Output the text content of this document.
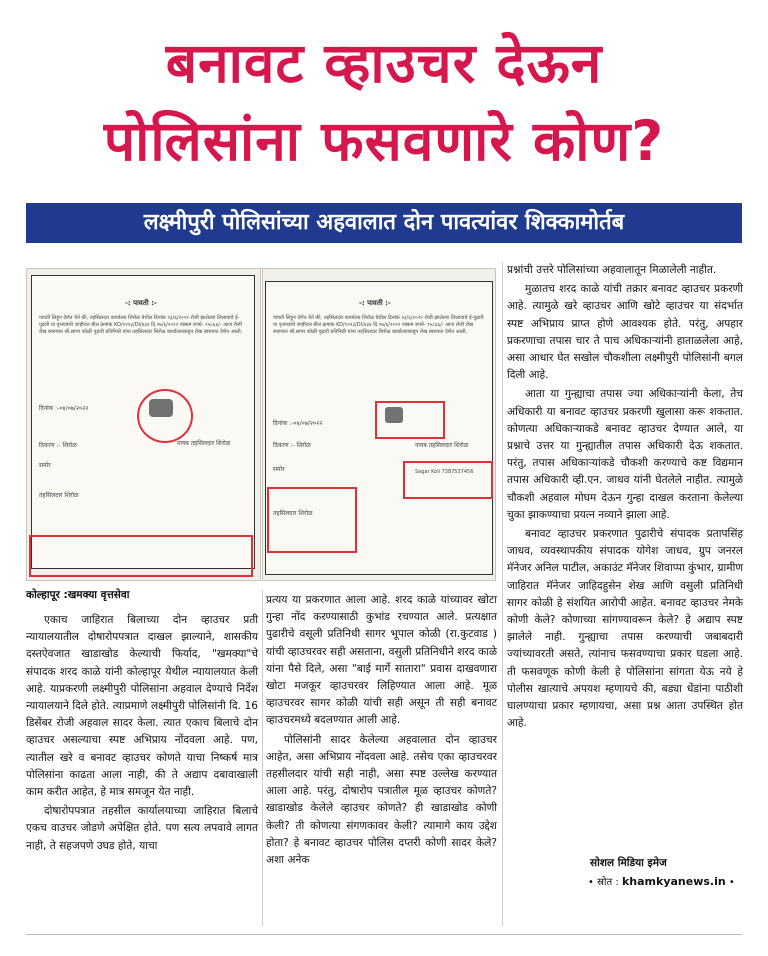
बनावट व्हाउचर देऊन
पोलिसांना फसवणारे कोण?
लक्ष्मीपुरी पोलिसांच्या अहवालात दोन पावत्यांवर शिक्कामोर्तब
-: पावती :-
पावती लिहून देणेत येते की, तहसिलदार कार्यालय शिरोळ येथील दिनांक २३/६/२०२२ रोजी झालेल्या लिलावाचे ई-पुढारी या वृत्तपत्राचे जाहीरात बील क्रमांक KO/२२२३/DI/४३४ दि.२७/६/२०२२ रक्कम रुपये- १५८६६/- आज रोजी रोख स्वरुपात श्री.सागर कोळी पुढारी प्रतिनिधी यांना तहसिलदार शिरोळ कार्यालयाकडून रोख स्वरुपात देणेत आली.
दिनांक :-०४/०७/२०२२
ठिकाण :- शिरोळ
समोर
तहसिलदार शिरोळ
नायब तहसिलदार शिरोळ
-: पावती :-
पावती लिहून देणेत येते की, तहसिलदार कार्यालय शिरोळ येथील दिनांक २३/६/२०२२ रोजी झालेल्या लिलावाचे ई-पुढारी या वृत्तपत्राचे जाहीरात बील क्रमांक KO/२२२३/DI/४३४ दि.२७/६/२०२२ रक्कम रुपये- १५८६६/- आज रोजी रोख स्वरुपात श्री.सागर कोळी पुढारी प्रतिनिधी यांना तहसिलदार शिरोळ कार्यालयाकडून रोख स्वरुपात देणेत आली.
दिनांक :-०४/०७/२०२२
ठिकाण :- शिरोळ
समोर
तहसिलदार शिरोळ
नायब तहसिलदार शिरोळ
Sagar Koli 7387537456
कोल्हापूर :खमक्या वृत्तसेवा

एकाच जाहिरात बिलाच्या दोन व्हाउचर प्रती न्यायालयातील दोषारोपपत्रात दाखल झाल्याने, शासकीय दस्तऐवजात खाडाखोड केल्याची फिर्याद, "खमक्या"चे संपादक शरद काळे यांनी कोल्हापूर येथील न्यायालयात केली आहे. याप्रकरणी लक्ष्मीपुरी पोलिसांना अहवाल देण्याचे निर्देश न्यायालयाने दिले होते. त्याप्रमाणे लक्ष्मीपुरी पोलिसांनी दि. 16 डिसेंबर रोजी अहवाल सादर केला. त्यात एकाच बिलाचे दोन व्हाउचर असल्याचा स्पष्ट अभिप्राय नोंदवला आहे. पण, त्यातील खरे व बनावट व्हाउचर कोणते याचा निष्कर्ष मात्र पोलिसांना काढता आला नाही, की ते अद्याप दबावाखाली काम करीत आहेत, हे मात्र समजून येत नाही.

दोषारोपपत्रात तहसील कार्यालयाच्या जाहिरात बिलाचे एकच वाउचर जोडणे अपेक्षित होते. पण सत्य लपवावे लागत नाही, ते सहजपणे उघड होते, याचा

प्रत्यय या प्रकरणात आला आहे. शरद काळे यांच्यावर खोटा गुन्हा नोंद करण्यासाठी कुभांड रचण्यात आले. प्रत्यक्षात पुढारीचे वसूली प्रतिनिधी सागर भूपाल कोळी (रा.कुटवाड ) यांची व्हाउचरवर सही असताना, वसुली प्रतिनिधीने शरद काळे यांना पैसे दिले, असा "बाई मार्गे सातारा" प्रवास दाखवणारा खोटा मजकूर व्हाउचरवर लिहिण्यात आला आहे. मूळ व्हाउचरवर सागर कोळी यांची सही असून ती सही बनावट व्हाउचरमध्ये बदलण्यात आली आहे.

पोलिसांनी सादर केलेल्या अहवालात दोन व्हाउचर आहेत, असा अभिप्राय नोंदवला आहे. तसेच एका व्हाउचरवर तहसीलदार यांची सही नाही, असा स्पष्ट उल्लेख करण्यात आला आहे. परंतु, दोषारोप पत्रातील मूळ व्हाउचर कोणते? खाडाखोड केलेले व्हाउचर कोणते? ही खाडाखोड कोणी केली? ती कोणत्या संगणकावर केली? त्यामागे काय उद्देश होता? हे बनावट व्हाउचर पोलिस दप्तरी कोणी सादर केले? अशा अनेक

प्रश्नांची उत्तरे पोलिसांच्या अहवालातून मिळालेली नाहीत.

मुळातच शरद काळे यांची तक्रार बनावट व्हाउचर प्रकरणी आहे. त्यामुळे खरे व्हाउचर आणि खोटे व्हाउचर या संदर्भात स्पष्ट अभिप्राय प्राप्त होणे आवश्यक होते. परंतु, अपहार प्रकरणाचा तपास चार ते पाच अधिकाऱ्यांनी हाताळलेला आहे, असा आधार घेत सखोल चौकशीला लक्ष्मीपुरी पोलिसांनी बगल दिली आहे.

आता या गुन्ह्याचा तपास ज्या अधिकाऱ्यांनी केला, तेच अधिकारी या बनावट व्हाउचर प्रकरणी खुलासा करू शकतात. कोणत्या अधिकाऱ्याकडे बनावट व्हाउचर देण्यात आले, या प्रश्नाचे उत्तर या गुन्ह्यातील तपास अधिकारी देऊ शकतात. परंतु, तपास अधिकाऱ्यांकडे चौकशी करण्याचे कष्ट विद्यमान तपास अधिकारी व्ही.एन. जाधव यांनी घेतलेले नाहीत. त्यामुळे चौकशी अहवाल मोघम देऊन गुन्हा दाखल करताना केलेल्या चुका झाकण्याचा प्रयत्न नव्याने झाला आहे.

बनावट व्हाउचर प्रकरणात पुढारीचे संपादक प्रतापसिंह जाधव, व्यवस्थापकीय संपादक योगेश जाधव, ग्रुप जनरल मॅनेजर अनिल पाटील, अकाउंट मॅनेजर शिवाप्पा कुंभार, ग्रामीण जाहिरात मॅनेजर जाहिदहुसेन शेख आणि वसुली प्रतिनिधी सागर कोळी हे संशयित आरोपी आहेत. बनावट व्हाउचर नेमके कोणी केले? कोणाच्या सांगण्यावरून केले? हे अद्याप स्पष्ट झालेले नाही. गुन्ह्याचा तपास करण्याची जबाबदारी ज्यांच्यावरती असते, त्यांनाच फसवण्याचा प्रकार घडला आहे. ती फसवणूक कोणी केली हे पोलिसांना सांगता येऊ नये हे पोलीस खात्याचे अपयश म्हणायचे की, बड्या धेंडांना पाठीशी घालण्याचा प्रकार म्हणायचा, असा प्रश्न आता उपस्थित होत आहे.

सोशल मिडिया इमेज
• स्रोत : khamkyanews.in •
